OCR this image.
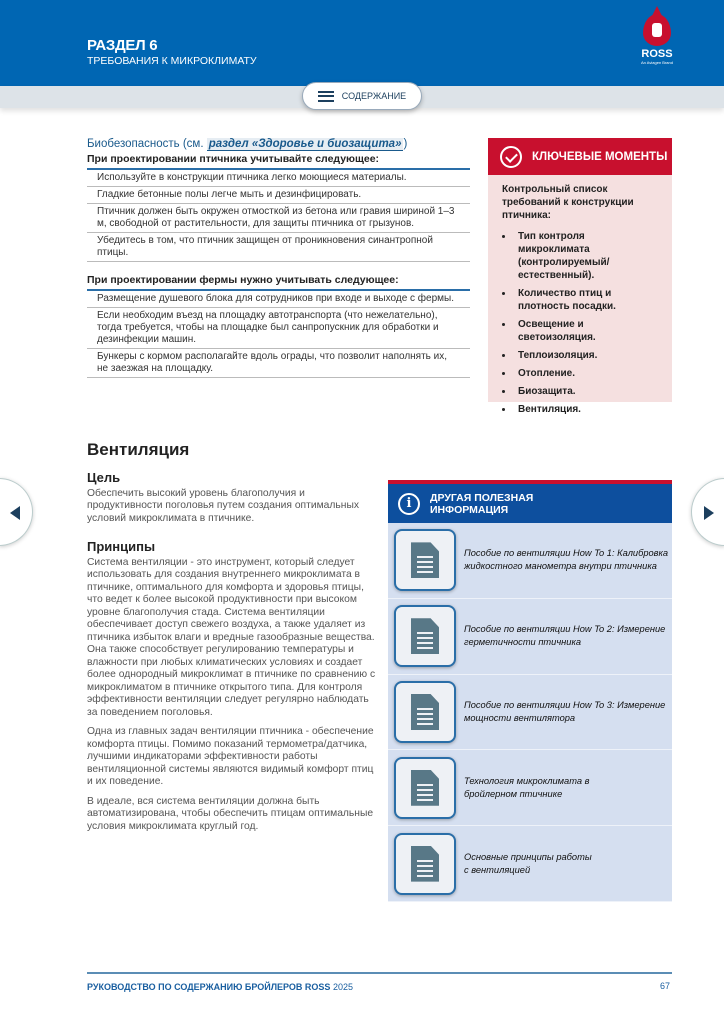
РАЗДЕЛ 6
ТРЕБОВАНИЯ К МИКРОКЛИМАТУ
ROSS
An Aviagen Brand
СОДЕРЖАНИЕ
Биобезопасность (см. раздел «Здоровье и биозащита» )
При проектировании птичника учитывайте следующее:
Используйте в конструкции птичника легко моющиеся материалы.
Гладкие бетонные полы легче мыть и дезинфицировать.
Птичник должен быть окружен отмосткой из бетона или гравия шириной 1–3 м, свободной от растительности, для защиты птичника от грызунов.
Убедитесь в том, что птичник защищен от проникновения синантропной птицы.
При проектировании фермы нужно учитывать следующее:
Размещение душевого блока для сотрудников при входе и выходе с фермы.
Если необходим въезд на площадку автотранспорта (что нежелательно), тогда требуется, чтобы на площадке был санпропускник для обработки и дезинфекции машин.
Бункеры с кормом располагайте вдоль ограды, что позволит наполнять их, не заезжая на площадку.
КЛЮЧЕВЫЕ МОМЕНТЫ
Контрольный список требований к конструкции птичника:
• Тип контроля микроклимата (контролируемый/ естественный).
• Количество птиц и плотность посадки.
• Освещение и светоизоляция.
• Теплоизоляция.
• Отопление.
• Биозащита.
• Вентиляция.
Вентиляция
Цель

Обеспечить высокий уровень благополучия и продуктивности поголовья путем создания оптимальных условий микроклимата в птичнике.

Принципы

Система вентиляции - это инструмент, который следует использовать для создания внутреннего микроклимата в птичнике, оптимального для комфорта и здоровья птицы, что ведет к более высокой продуктивности при высоком уровне благополучия стада. Система вентиляции обеспечивает доступ свежего воздуха, а также удаляет из птичника избыток влаги и вредные газообразные вещества. Она также способствует регулированию температуры и влажности при любых климатических условиях и создает более однородный микроклимат в птичнике по сравнению с микроклиматом в птичнике открытого типа. Для контроля эффективности вентиляции следует регулярно наблюдать за поведением поголовья.

Одна из главных задач вентиляции птичника - обеспечение комфорта птицы. Помимо показаний термометра/датчика, лучшими индикаторами эффективности работы вентиляционной системы являются видимый комфорт птиц и их поведение.

В идеале, вся система вентиляции должна быть автоматизирована, чтобы обеспечить птицам оптимальные условия микроклимата круглый год.

i	ДРУГАЯ ПОЛЕЗНАЯ ИНФОРМАЦИЯ
Пособие по вентиляции How To 1: Калибровка жидкостного манометра внутри птичника
Пособие по вентиляции How To 2: Измерение герметичности птичника
Пособие по вентиляции How To 3: Измерение мощности вентилятора
Технология микроклимата в бройлерном птичнике
Основные принципы работы с вентиляцией
РУКОВОДСТВО ПО СОДЕРЖАНИЮ БРОЙЛЕРОВ ROSS 2025	67
